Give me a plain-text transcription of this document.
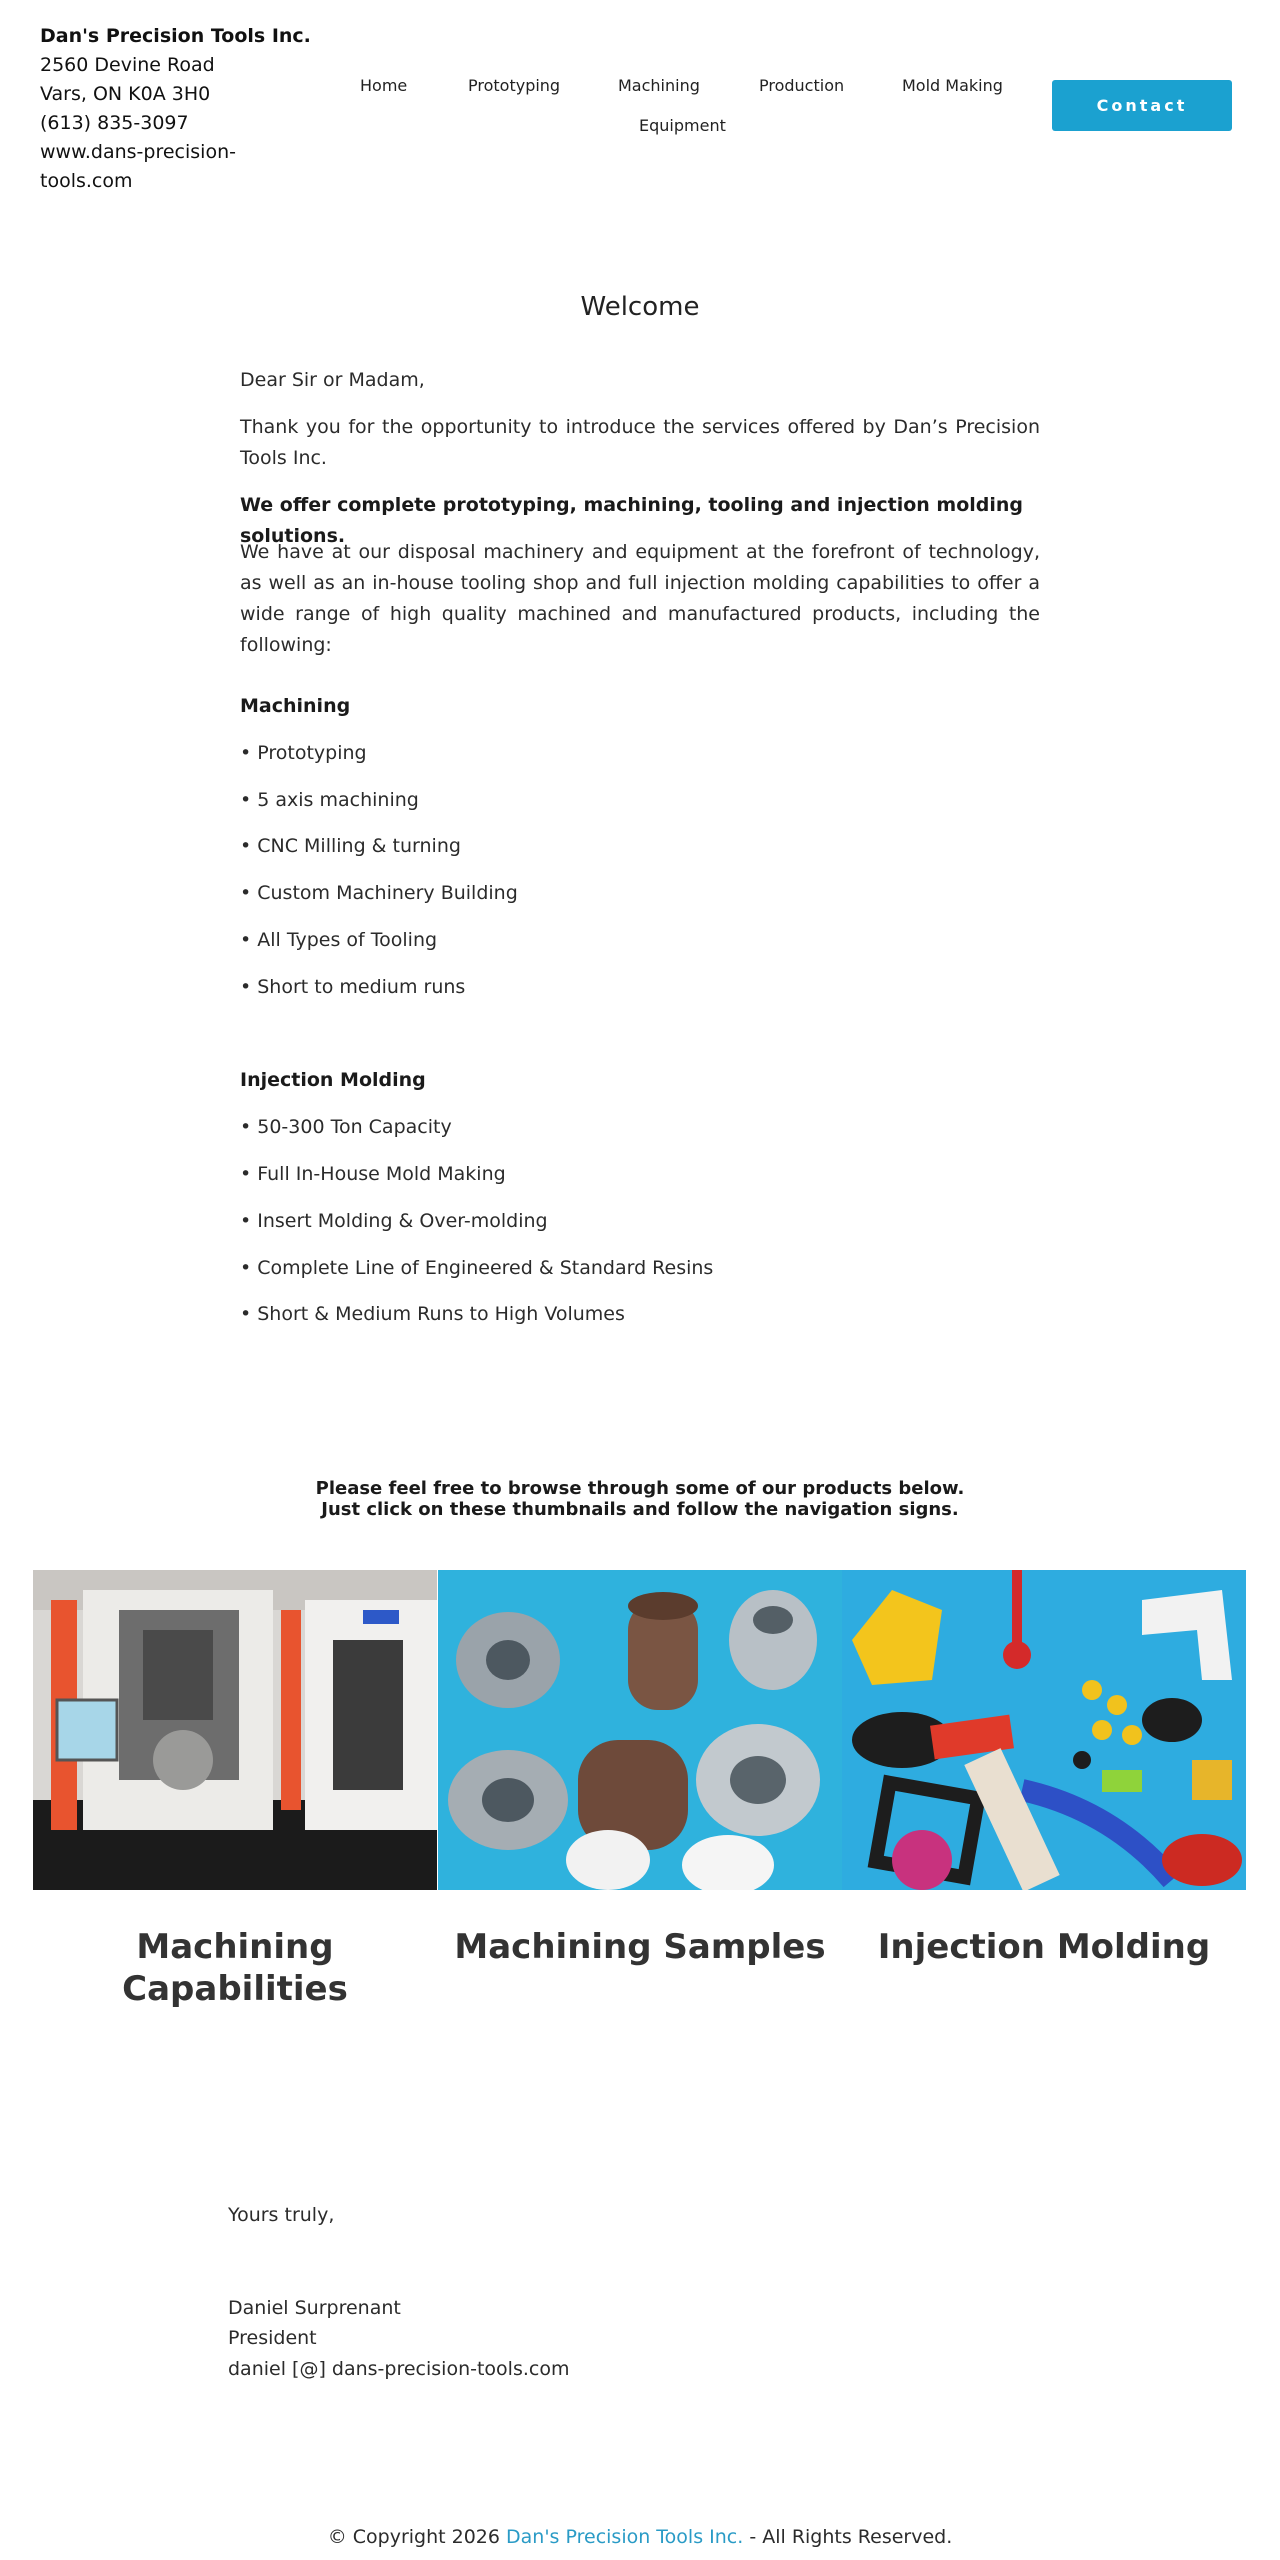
Dan's Precision Tools Inc.
2560 Devine Road
Vars, ON K0A 3H0
(613) 835-3097
www.dans-precision-
tools.com
Home	Prototyping	Machining	Production	Mold Making
Equipment
Contact
Welcome

Dear Sir or Madam,

Thank you for the opportunity to introduce the services offered by Dan’s Precision Tools Inc.

We offer complete prototyping, machining, tooling and injection molding solutions.

We have at our disposal machinery and equipment at the forefront of technology, as well as an in-house tooling shop and full injection molding capabilities to offer a wide range of high quality machined and manufactured products, including the following:

Machining

• Prototyping

• 5 axis machining

• CNC Milling & turning

• Custom Machinery Building

• All Types of Tooling

• Short to medium runs

Injection Molding

• 50-300 Ton Capacity

• Full In-House Mold Making

• Insert Molding & Over-molding

• Complete Line of Engineered & Standard Resins

• Short & Medium Runs to High Volumes

Please feel free to browse through some of our products below.
Just click on these thumbnails and follow the navigation signs.
Machining
Capabilities
Machining Samples	Injection Molding

Yours truly,

Daniel Surprenant

President

daniel [@] dans-precision-tools.com

© Copyright 2026 Dan's Precision Tools Inc. - All Rights Reserved.
